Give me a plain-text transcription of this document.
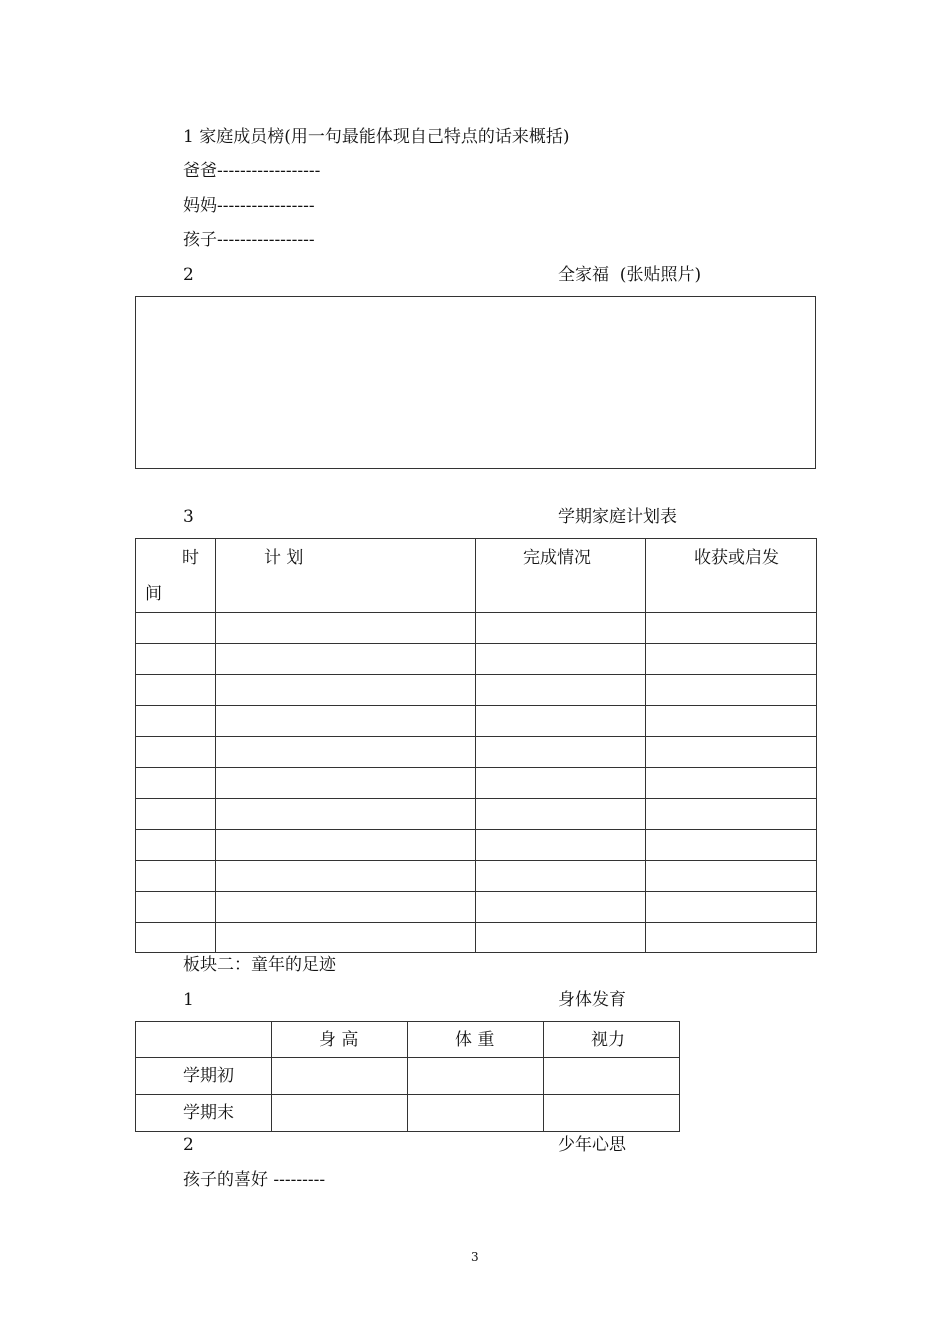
1 家庭成员榜(用一句最能体现自己特点的话来概括)
爸爸------------------
妈妈-----------------
孩子-----------------
2	全家福  (张贴照片)
3	学期家庭计划表
时
间	计 划	完成情况	收获或启发

板块二：童年的足迹
1	身体发育
	身 高	体 重	视力
学期初			
学期末			
2	少年心思
孩子的喜好 ---------
3
